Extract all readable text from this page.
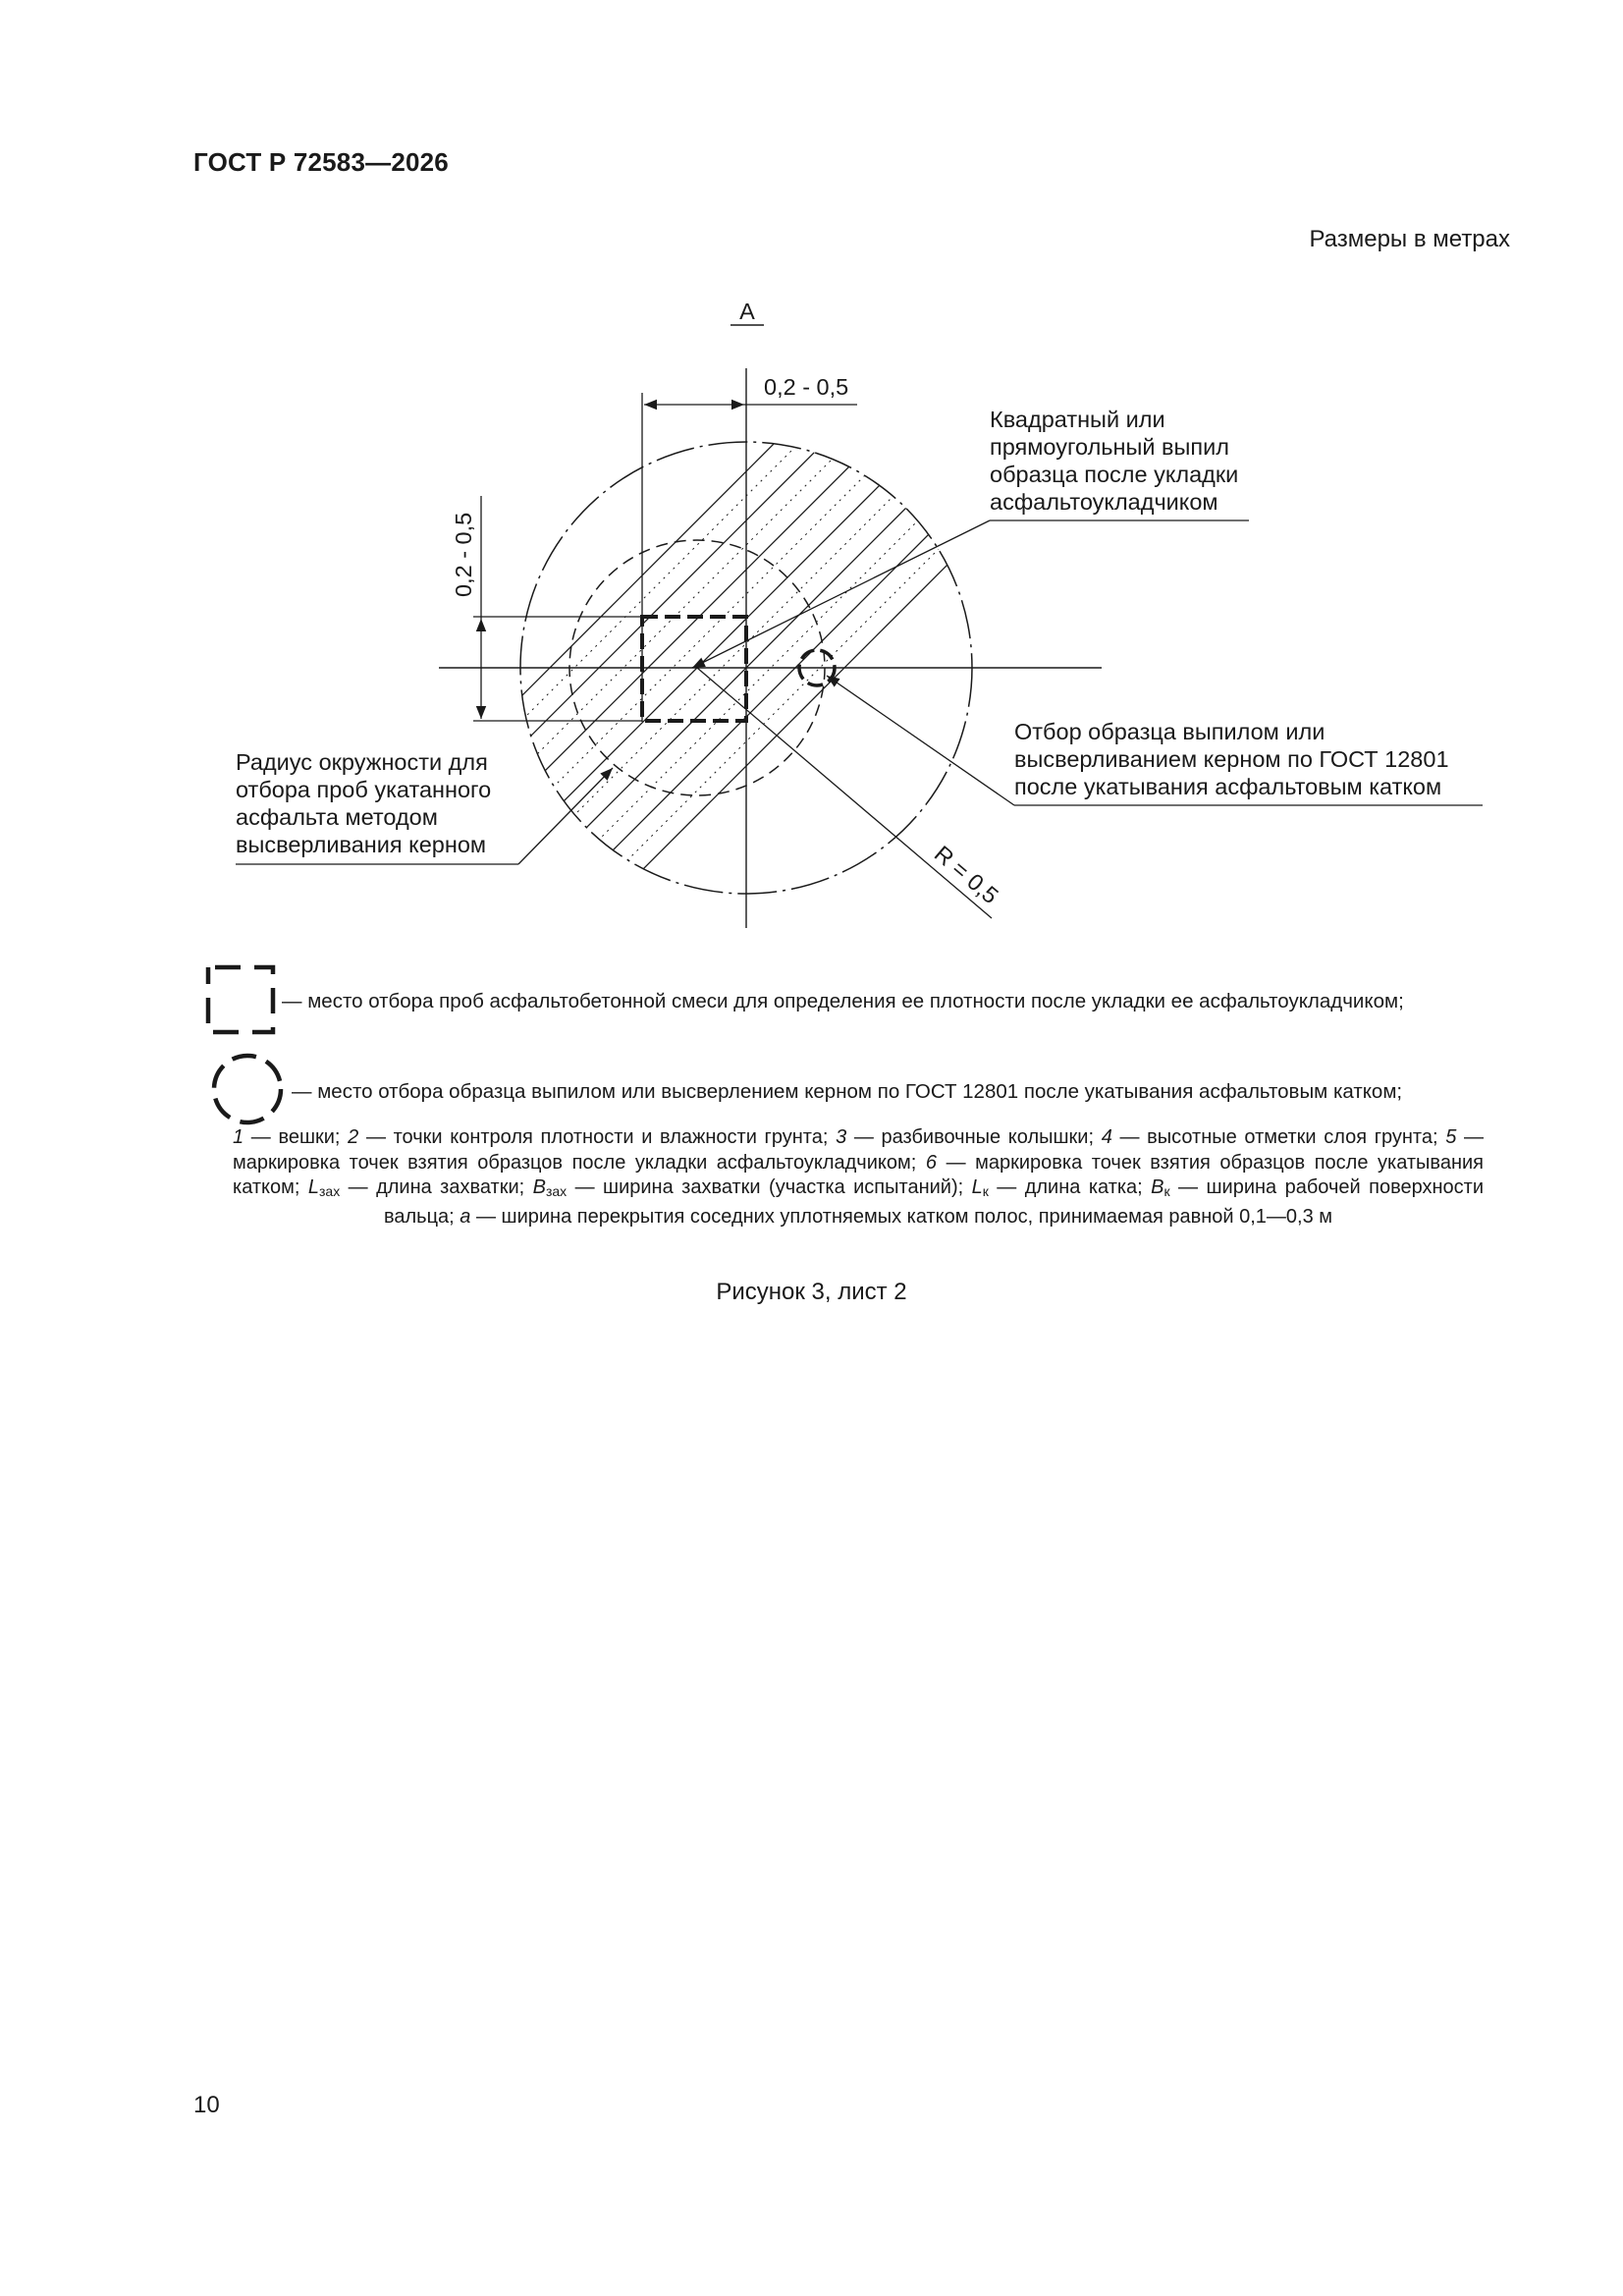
ГОСТ Р 72583—2026
Размеры в метрах
А
0,2 - 0,5
0,2 - 0,5
Квадратный или прямоугольный выпил образца после укладки асфальтоукладчиком
Отбор образца выпилом или высверливанием керном по ГОСТ 12801 после укатывания асфальтовым катком
Радиус окружности для отбора проб укатанного асфальта методом высверливания керном	R = 0,5
— место отбора проб асфальтобетонной смеси для определения ее плотности после укладки ее асфальтоукладчиком;
— место отбора образца выпилом или высверлением керном по ГОСТ 12801 после укатывания асфальтовым катком;
1 — вешки; 2 — точки контроля плотности и влажности грунта; 3 — разбивочные колышки; 4 — высотные отметки слоя грунта; 5 — маркировка точек взятия образцов после укладки асфальтоукладчиком; 6 — маркировка точек взятия образцов после укатывания катком; $L_{зах}$ — длина захватки; $B_{зах}$ — ширина захватки (участка испытаний); $L_к$ — длина катка; $B_к$ — ширина рабочей поверхности вальца; a — ширина перекрытия соседних уплотняемых катком полос, принимаемая равной 0,1—0,3 м
Рисунок 3, лист 2
10
